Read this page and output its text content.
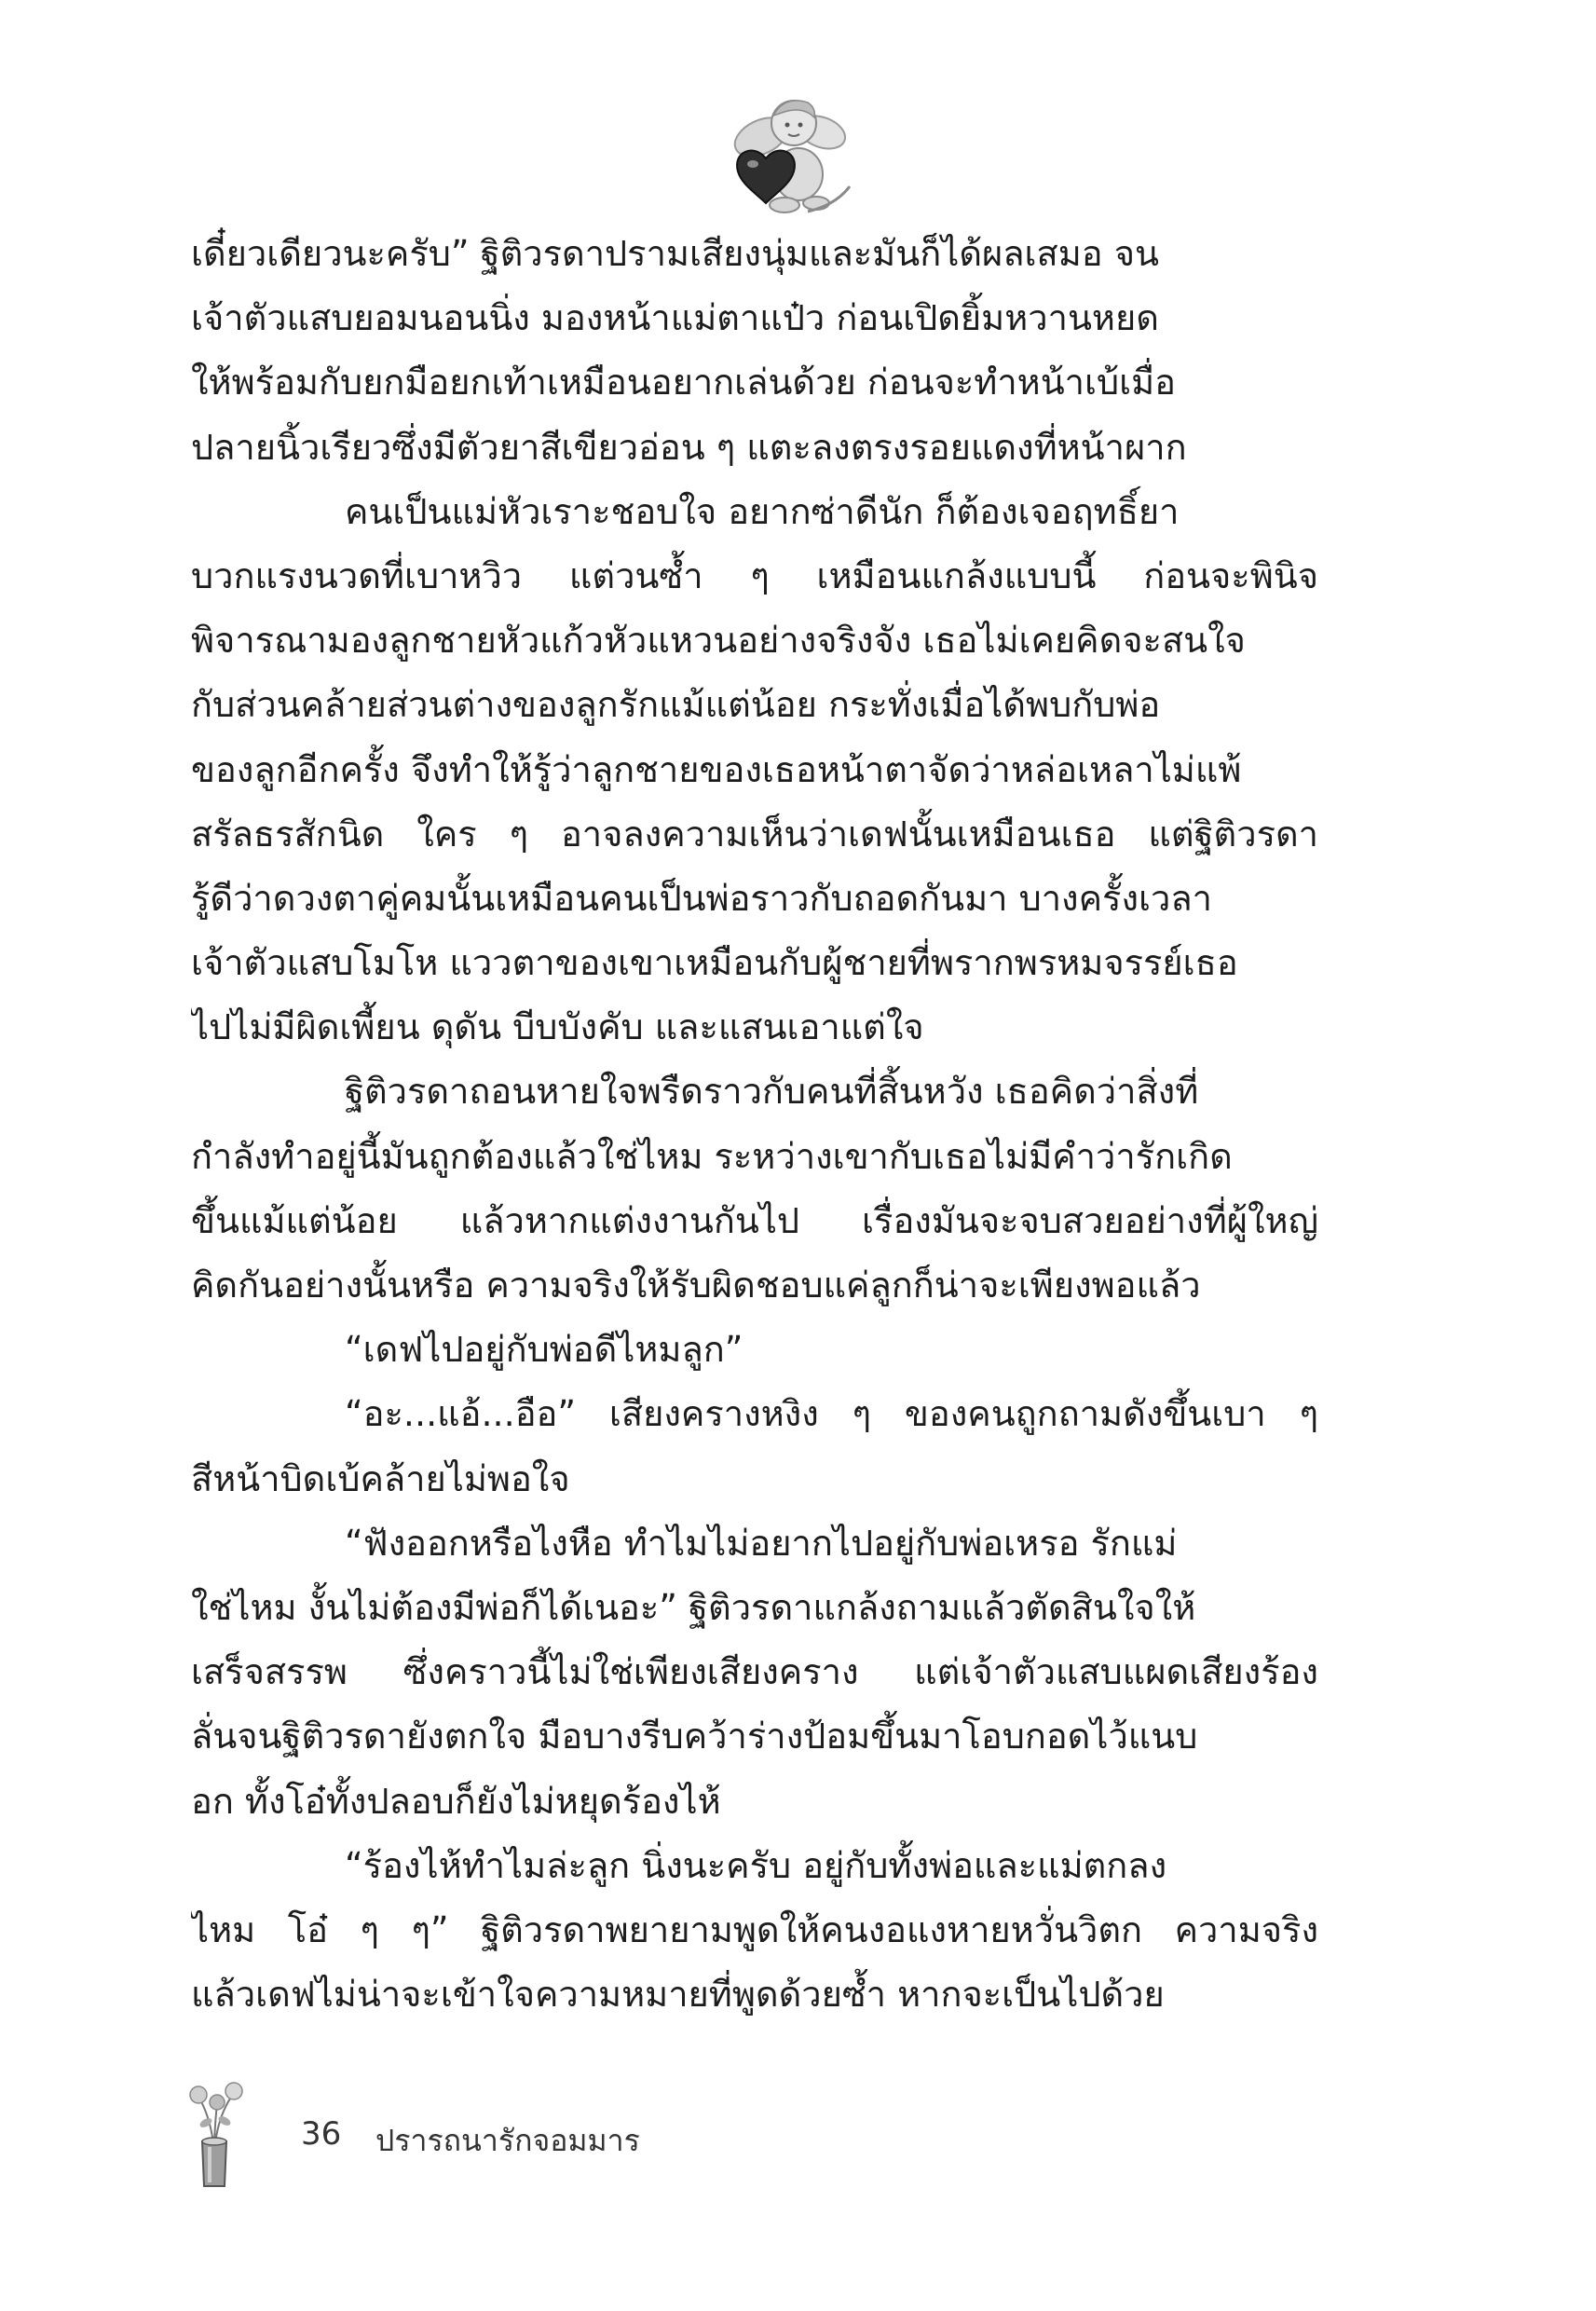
เดี๋ยวเดียวนะครับ” ฐิติวรดาปรามเสียงนุ่มและมันก็ได้ผลเสมอ จน
เจ้าตัวแสบยอมนอนนิ่ง มองหน้าแม่ตาแป๋ว ก่อนเปิดยิ้มหวานหยด
ให้พร้อมกับยกมือยกเท้าเหมือนอยากเล่นด้วย ก่อนจะทำหน้าเบ้เมื่อ
ปลายนิ้วเรียวซึ่งมีตัวยาสีเขียวอ่อน ๆ แตะลงตรงรอยแดงที่หน้าผาก
คนเป็นแม่หัวเราะชอบใจ อยากซ่าดีนัก ก็ต้องเจอฤทธิ์ยา
บวกแรงนวดที่เบาหวิว แต่วนซ้ำ ๆ เหมือนแกล้งแบบนี้ ก่อนจะพินิจ
พิจารณามองลูกชายหัวแก้วหัวแหวนอย่างจริงจัง เธอไม่เคยคิดจะสนใจ
กับส่วนคล้ายส่วนต่างของลูกรักแม้แต่น้อย กระทั่งเมื่อได้พบกับพ่อ
ของลูกอีกครั้ง จึงทำให้รู้ว่าลูกชายของเธอหน้าตาจัดว่าหล่อเหลาไม่แพ้
สรัลธรสักนิด ใคร ๆ อาจลงความเห็นว่าเดฟนั้นเหมือนเธอ แต่ฐิติวรดา
รู้ดีว่าดวงตาคู่คมนั้นเหมือนคนเป็นพ่อราวกับถอดกันมา บางครั้งเวลา
เจ้าตัวแสบโมโห แววตาของเขาเหมือนกับผู้ชายที่พรากพรหมจรรย์เธอ
ไปไม่มีผิดเพี้ยน ดุดัน บีบบังคับ และแสนเอาแต่ใจ
ฐิติวรดาถอนหายใจพรืดราวกับคนที่สิ้นหวัง เธอคิดว่าสิ่งที่
กำลังทำอยู่นี้มันถูกต้องแล้วใช่ไหม ระหว่างเขากับเธอไม่มีคำว่ารักเกิด
ขึ้นแม้แต่น้อย แล้วหากแต่งงานกันไป เรื่องมันจะจบสวยอย่างที่ผู้ใหญ่
คิดกันอย่างนั้นหรือ ความจริงให้รับผิดชอบแค่ลูกก็น่าจะเพียงพอแล้ว
“เดฟไปอยู่กับพ่อดีไหมลูก”
“อะ...แอ้...อือ” เสียงครางหงิง ๆ ของคนถูกถามดังขึ้นเบา ๆ
สีหน้าบิดเบ้คล้ายไม่พอใจ
“ฟังออกหรือไงหือ ทำไมไม่อยากไปอยู่กับพ่อเหรอ รักแม่
ใช่ไหม งั้นไม่ต้องมีพ่อก็ได้เนอะ” ฐิติวรดาแกล้งถามแล้วตัดสินใจให้
เสร็จสรรพ ซึ่งคราวนี้ไม่ใช่เพียงเสียงคราง แต่เจ้าตัวแสบแผดเสียงร้อง
ลั่นจนฐิติวรดายังตกใจ มือบางรีบคว้าร่างป้อมขึ้นมาโอบกอดไว้แนบ
อก ทั้งโอ๋ทั้งปลอบก็ยังไม่หยุดร้องไห้
“ร้องไห้ทำไมล่ะลูก นิ่งนะครับ อยู่กับทั้งพ่อและแม่ตกลง
ไหม โอ๋ ๆ ๆ” ฐิติวรดาพยายามพูดให้คนงอแงหายหวั่นวิตก ความจริง
แล้วเดฟไม่น่าจะเข้าใจความหมายที่พูดด้วยซ้ำ หากจะเป็นไปด้วย
36 ปรารถนารักจอมมาร
